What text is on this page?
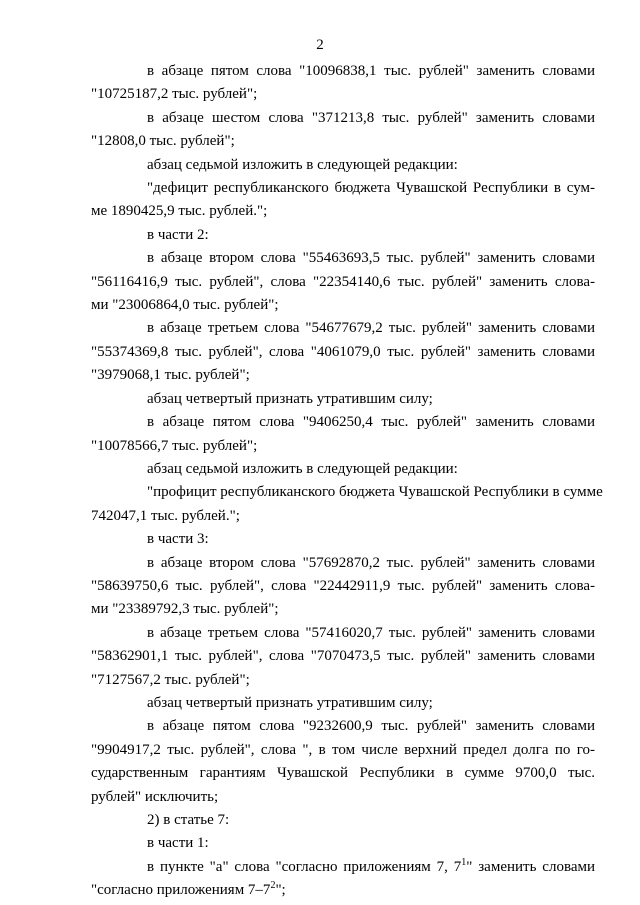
2

в абзаце пятом слова "10096838,1 тыс. рублей" заменить словами
"10725187,2 тыс. рублей";

в абзаце шестом слова "371213,8 тыс. рублей" заменить словами
"12808,0 тыс. рублей";

абзац седьмой изложить в следующей редакции:

"дефицит республиканского бюджета Чувашской Республики в сум-
ме 1890425,9 тыс. рублей.";

в части 2:

в абзаце втором слова "55463693,5 тыс. рублей" заменить словами
"56116416,9 тыс. рублей", слова "22354140,6 тыс. рублей" заменить слова-
ми "23006864,0 тыс. рублей";

в абзаце третьем слова "54677679,2 тыс. рублей" заменить словами
"55374369,8 тыс. рублей", слова "4061079,0 тыс. рублей" заменить словами
"3979068,1 тыс. рублей";

абзац четвертый признать утратившим силу;

в абзаце пятом слова "9406250,4 тыс. рублей" заменить словами
"10078566,7 тыс. рублей";

абзац седьмой изложить в следующей редакции:

"профицит республиканского бюджета Чувашской Республики в сумме
742047,1 тыс. рублей.";

в части 3:

в абзаце втором слова "57692870,2 тыс. рублей" заменить словами
"58639750,6 тыс. рублей", слова "22442911,9 тыс. рублей" заменить слова-
ми "23389792,3 тыс. рублей";

в абзаце третьем слова "57416020,7 тыс. рублей" заменить словами
"58362901,1 тыс. рублей", слова "7070473,5 тыс. рублей" заменить словами
"7127567,2 тыс. рублей";

абзац четвертый признать утратившим силу;

в абзаце пятом слова "9232600,9 тыс. рублей" заменить словами
"9904917,2 тыс. рублей", слова ", в том числе верхний предел долга по го-
сударственным гарантиям Чувашской Республики в сумме 9700,0 тыс.
рублей" исключить;

2) в статье 7:

в части 1:

в пункте "а" слова "согласно приложениям 7, $7^1$" заменить словами
"согласно приложениям $7-7^2$";
